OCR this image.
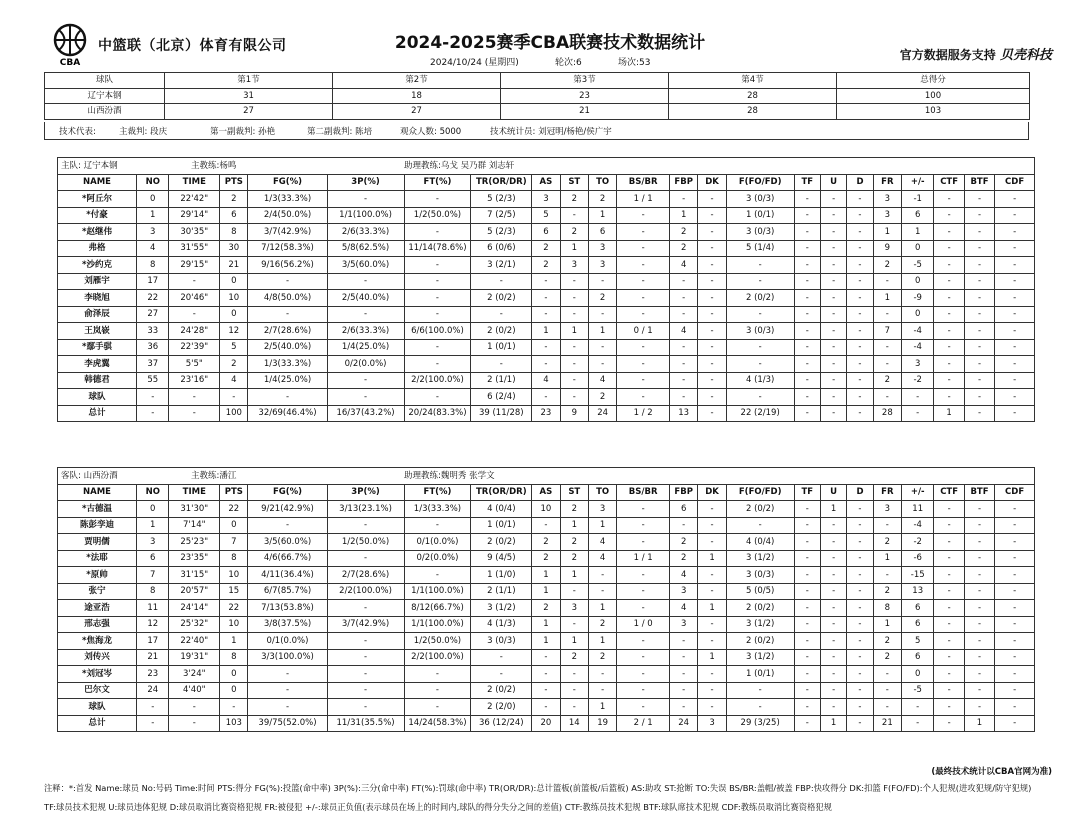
CBA
中篮联（北京）体育有限公司	2024-2025赛季CBA联赛技术数据统计
2024/10/24 (星期四)	轮次:6	场次:53
官方数据服务支持 贝壳科技
球队	第1节	第2节	第3节	第4节	总得分
辽宁本钢	31	18	23	28	100
山西汾酒	27	27	21	28	103
技术代表:	主裁判: 段庆	第一副裁判: 孙艳	第二副裁判: 陈培	观众人数: 5000	技术统计员: 刘冠明/杨艳/侯广宇
主队: 辽宁本钢		主教练:杨鸣				助理教练:乌戈 吴乃群 刘志轩																
NAME	NO	TIME	PTS	FG(%)	3P(%)	FT(%)	TR(OR/DR)	AS	ST	TO	BS/BR	FBP	DK	F(FO/FD)	TF	U	D	FR	+/-	CTF	BTF	CDF
*阿丘尔	0	22'42"	2	1/3(33.3%)	-	-	5 (2/3)	3	2	2	1 / 1	-	-	3 (0/3)	-	-	-	3	-1	-	-	-
*付豪	1	29'14"	6	2/4(50.0%)	1/1(100.0%)	1/2(50.0%)	7 (2/5)	5	-	1	-	1	-	1 (0/1)	-	-	-	3	6	-	-	-
*赵继伟	3	30'35"	8	3/7(42.9%)	2/6(33.3%)	-	5 (2/3)	6	2	6	-	2	-	3 (0/3)	-	-	-	1	1	-	-	-
弗格	4	31'55"	30	7/12(58.3%)	5/8(62.5%)	11/14(78.6%)	6 (0/6)	2	1	3	-	2	-	5 (1/4)	-	-	-	9	0	-	-	-
*沙约克	8	29'15"	21	9/16(56.2%)	3/5(60.0%)	-	3 (2/1)	2	3	3	-	4	-	-	-	-	-	2	-5	-	-	-
刘雁宇	17	-	0	-	-	-	-	-	-	-	-	-	-	-	-	-	-	-	0	-	-	-
李晓旭	22	20'46"	10	4/8(50.0%)	2/5(40.0%)	-	2 (0/2)	-	-	2	-	-	-	2 (0/2)	-	-	-	1	-9	-	-	-
俞泽辰	27	-	0	-	-	-	-	-	-	-	-	-	-	-	-	-	-	-	0	-	-	-
王岚嵚	33	24'28"	12	2/7(28.6%)	2/6(33.3%)	6/6(100.0%)	2 (0/2)	1	1	1	0 / 1	4	-	3 (0/3)	-	-	-	7	-4	-	-	-
*鄢手骐	36	22'39"	5	2/5(40.0%)	1/4(25.0%)	-	1 (0/1)	-	-	-	-	-	-	-	-	-	-	-	-4	-	-	-
李虎翼	37	5'5"	2	1/3(33.3%)	0/2(0.0%)	-	-	-	-	-	-	-	-	-	-	-	-	-	3	-	-	-
韩德君	55	23'16"	4	1/4(25.0%)	-	2/2(100.0%)	2 (1/1)	4	-	4	-	-	-	4 (1/3)	-	-	-	2	-2	-	-	-
球队	-	-	-	-	-	-	6 (2/4)	-	-	2	-	-	-	-	-	-	-	-	-	-	-	-
总计	-	-	100	32/69(46.4%)	16/37(43.2%)	20/24(83.3%)	39 (11/28)	23	9	24	1 / 2	13	-	22 (2/19)	-	-	-	28	-	1	-	-
客队: 山西汾酒		主教练:潘江				助理教练:魏明秀 张学文																
NAME	NO	TIME	PTS	FG(%)	3P(%)	FT(%)	TR(OR/DR)	AS	ST	TO	BS/BR	FBP	DK	F(FO/FD)	TF	U	D	FR	+/-	CTF	BTF	CDF
*古德温	0	31'30"	22	9/21(42.9%)	3/13(23.1%)	1/3(33.3%)	4 (0/4)	10	2	3	-	6	-	2 (0/2)	-	1	-	3	11	-	-	-
陈彭孪迪	1	7'14"	0	-	-	-	1 (0/1)	-	1	1	-	-	-	-	-	-	-	-	-4	-	-	-
贾明儒	3	25'23"	7	3/5(60.0%)	1/2(50.0%)	0/1(0.0%)	2 (0/2)	2	2	4	-	2	-	4 (0/4)	-	-	-	2	-2	-	-	-
*法耶	6	23'35"	8	4/6(66.7%)	-	0/2(0.0%)	9 (4/5)	2	2	4	1 / 1	2	1	3 (1/2)	-	-	-	1	-6	-	-	-
*原帅	7	31'15"	10	4/11(36.4%)	2/7(28.6%)	-	1 (1/0)	1	1	-	-	4	-	3 (0/3)	-	-	-	-	-15	-	-	-
张宁	8	20'57"	15	6/7(85.7%)	2/2(100.0%)	1/1(100.0%)	2 (1/1)	1	-	-	-	3	-	5 (0/5)	-	-	-	2	13	-	-	-
途亚浩	11	24'14"	22	7/13(53.8%)	-	8/12(66.7%)	3 (1/2)	2	3	1	-	4	1	2 (0/2)	-	-	-	8	6	-	-	-
邢志强	12	25'32"	10	3/8(37.5%)	3/7(42.9%)	1/1(100.0%)	4 (1/3)	1	-	2	1 / 0	3	-	3 (1/2)	-	-	-	1	6	-	-	-
*焦海龙	17	22'40"	1	0/1(0.0%)	-	1/2(50.0%)	3 (0/3)	1	1	1	-	-	-	2 (0/2)	-	-	-	2	5	-	-	-
刘传兴	21	19'31"	8	3/3(100.0%)	-	2/2(100.0%)	-	-	2	2	-	-	1	3 (1/2)	-	-	-	2	6	-	-	-
*刘冠岑	23	3'24"	0	-	-	-	-	-	-	-	-	-	-	1 (0/1)	-	-	-	-	0	-	-	-
巴尔文	24	4'40"	0	-	-	-	2 (0/2)	-	-	-	-	-	-	-	-	-	-	-	-5	-	-	-
球队	-	-	-	-	-	-	2 (2/0)	-	-	1	-	-	-	-	-	-	-	-	-	-	-	-
总计	-	-	103	39/75(52.0%)	11/31(35.5%)	14/24(58.3%)	36 (12/24)	20	14	19	2 / 1	24	3	29 (3/25)	-	1	-	21	-	-	1	-
(最终技术统计以CBA官网为准)
注释：*:首发 Name:球员 No:号码 Time:时间 PTS:得分 FG(%):投篮(命中率) 3P(%):三分(命中率) FT(%):罚球(命中率) TR(OR/DR):总计篮板(前篮板/后篮板) AS:助攻 ST:抢断 TO:失误 BS/BR:盖帽/被盖 FBP:快攻得分 DK:扣篮 F(FO/FD):个人犯规(进攻犯规/防守犯规)
TF:球员技术犯规 U:球员违体犯规 D:球员取消比赛资格犯规 FR:被侵犯 +/-:球员正负值(表示球员在场上的时间内,球队的得分失分之间的差值) CTF:教练员技术犯规 BTF:球队席技术犯规 CDF:教练员取消比赛资格犯规
